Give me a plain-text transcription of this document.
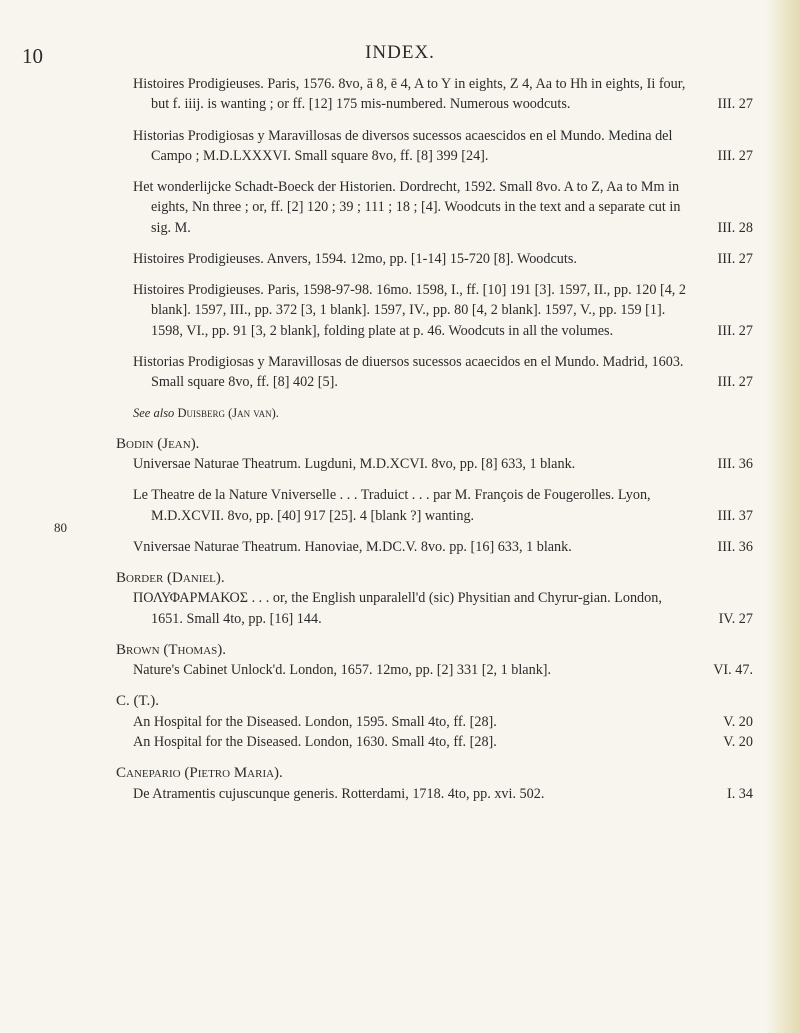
10	INDEX.
80
Histoires Prodigieuses. Paris, 1576. 8vo, ā 8, ē 4, A to Y in eights, Z 4, Aa to Hh in eights, Ii four, but f. iiij. is wanting ; or ff. [12] 175 mis-numbered. Numerous woodcuts.	III. 27
Historias Prodigiosas y Maravillosas de diversos sucessos acaescidos en el Mundo. Medina del Campo ; M.D.LXXXVI. Small square 8vo, ff. [8] 399 [24].	III. 27
Het wonderlijcke Schadt-Boeck der Historien. Dordrecht, 1592. Small 8vo. A to Z, Aa to Mm in eights, Nn three ; or, ff. [2] 120 ; 39 ; 111 ; 18 ; [4]. Woodcuts in the text and a separate cut in sig. M.	III. 28
Histoires Prodigieuses. Anvers, 1594. 12mo, pp. [1-14] 15-720 [8]. Woodcuts.	III. 27
Histoires Prodigieuses. Paris, 1598-97-98. 16mo. 1598, I., ff. [10] 191 [3]. 1597, II., pp. 120 [4, 2 blank]. 1597, III., pp. 372 [3, 1 blank]. 1597, IV., pp. 80 [4, 2 blank]. 1597, V., pp. 159 [1]. 1598, VI., pp. 91 [3, 2 blank], folding plate at p. 46. Woodcuts in all the volumes.	III. 27
Historias Prodigiosas y Maravillosas de diuersos sucessos acaecidos en el Mundo. Madrid, 1603. Small square 8vo, ff. [8] 402 [5].	III. 27
See also Duisberg (Jan van).
Bodin (Jean).
Universae Naturae Theatrum. Lugduni, M.D.XCVI. 8vo, pp. [8] 633, 1 blank.	III. 36
Le Theatre de la Nature Vniverselle . . . Traduict . . . par M. François de Fougerolles. Lyon, M.D.XCVII. 8vo, pp. [40] 917 [25]. 4 [blank ?] wanting.	III. 37
Vniversae Naturae Theatrum. Hanoviae, M.DC.V. 8vo. pp. [16] 633, 1 blank.	III. 36
Border (Daniel).
ΠΟΛΥΦΑΡΜΑΚΟΣ . . . or, the English unparalell'd (sic) Physitian and Chyrur-gian. London, 1651. Small 4to, pp. [16] 144.	IV. 27
Brown (Thomas).
Nature's Cabinet Unlock'd. London, 1657. 12mo, pp. [2] 331 [2, 1 blank].	VI. 47.
C. (T.).
An Hospital for the Diseased. London, 1595. Small 4to, ff. [28].	V. 20
An Hospital for the Diseased. London, 1630. Small 4to, ff. [28].	V. 20
Canepario (Pietro Maria).
De Atramentis cujuscunque generis. Rotterdami, 1718. 4to, pp. xvi. 502.	I. 34
